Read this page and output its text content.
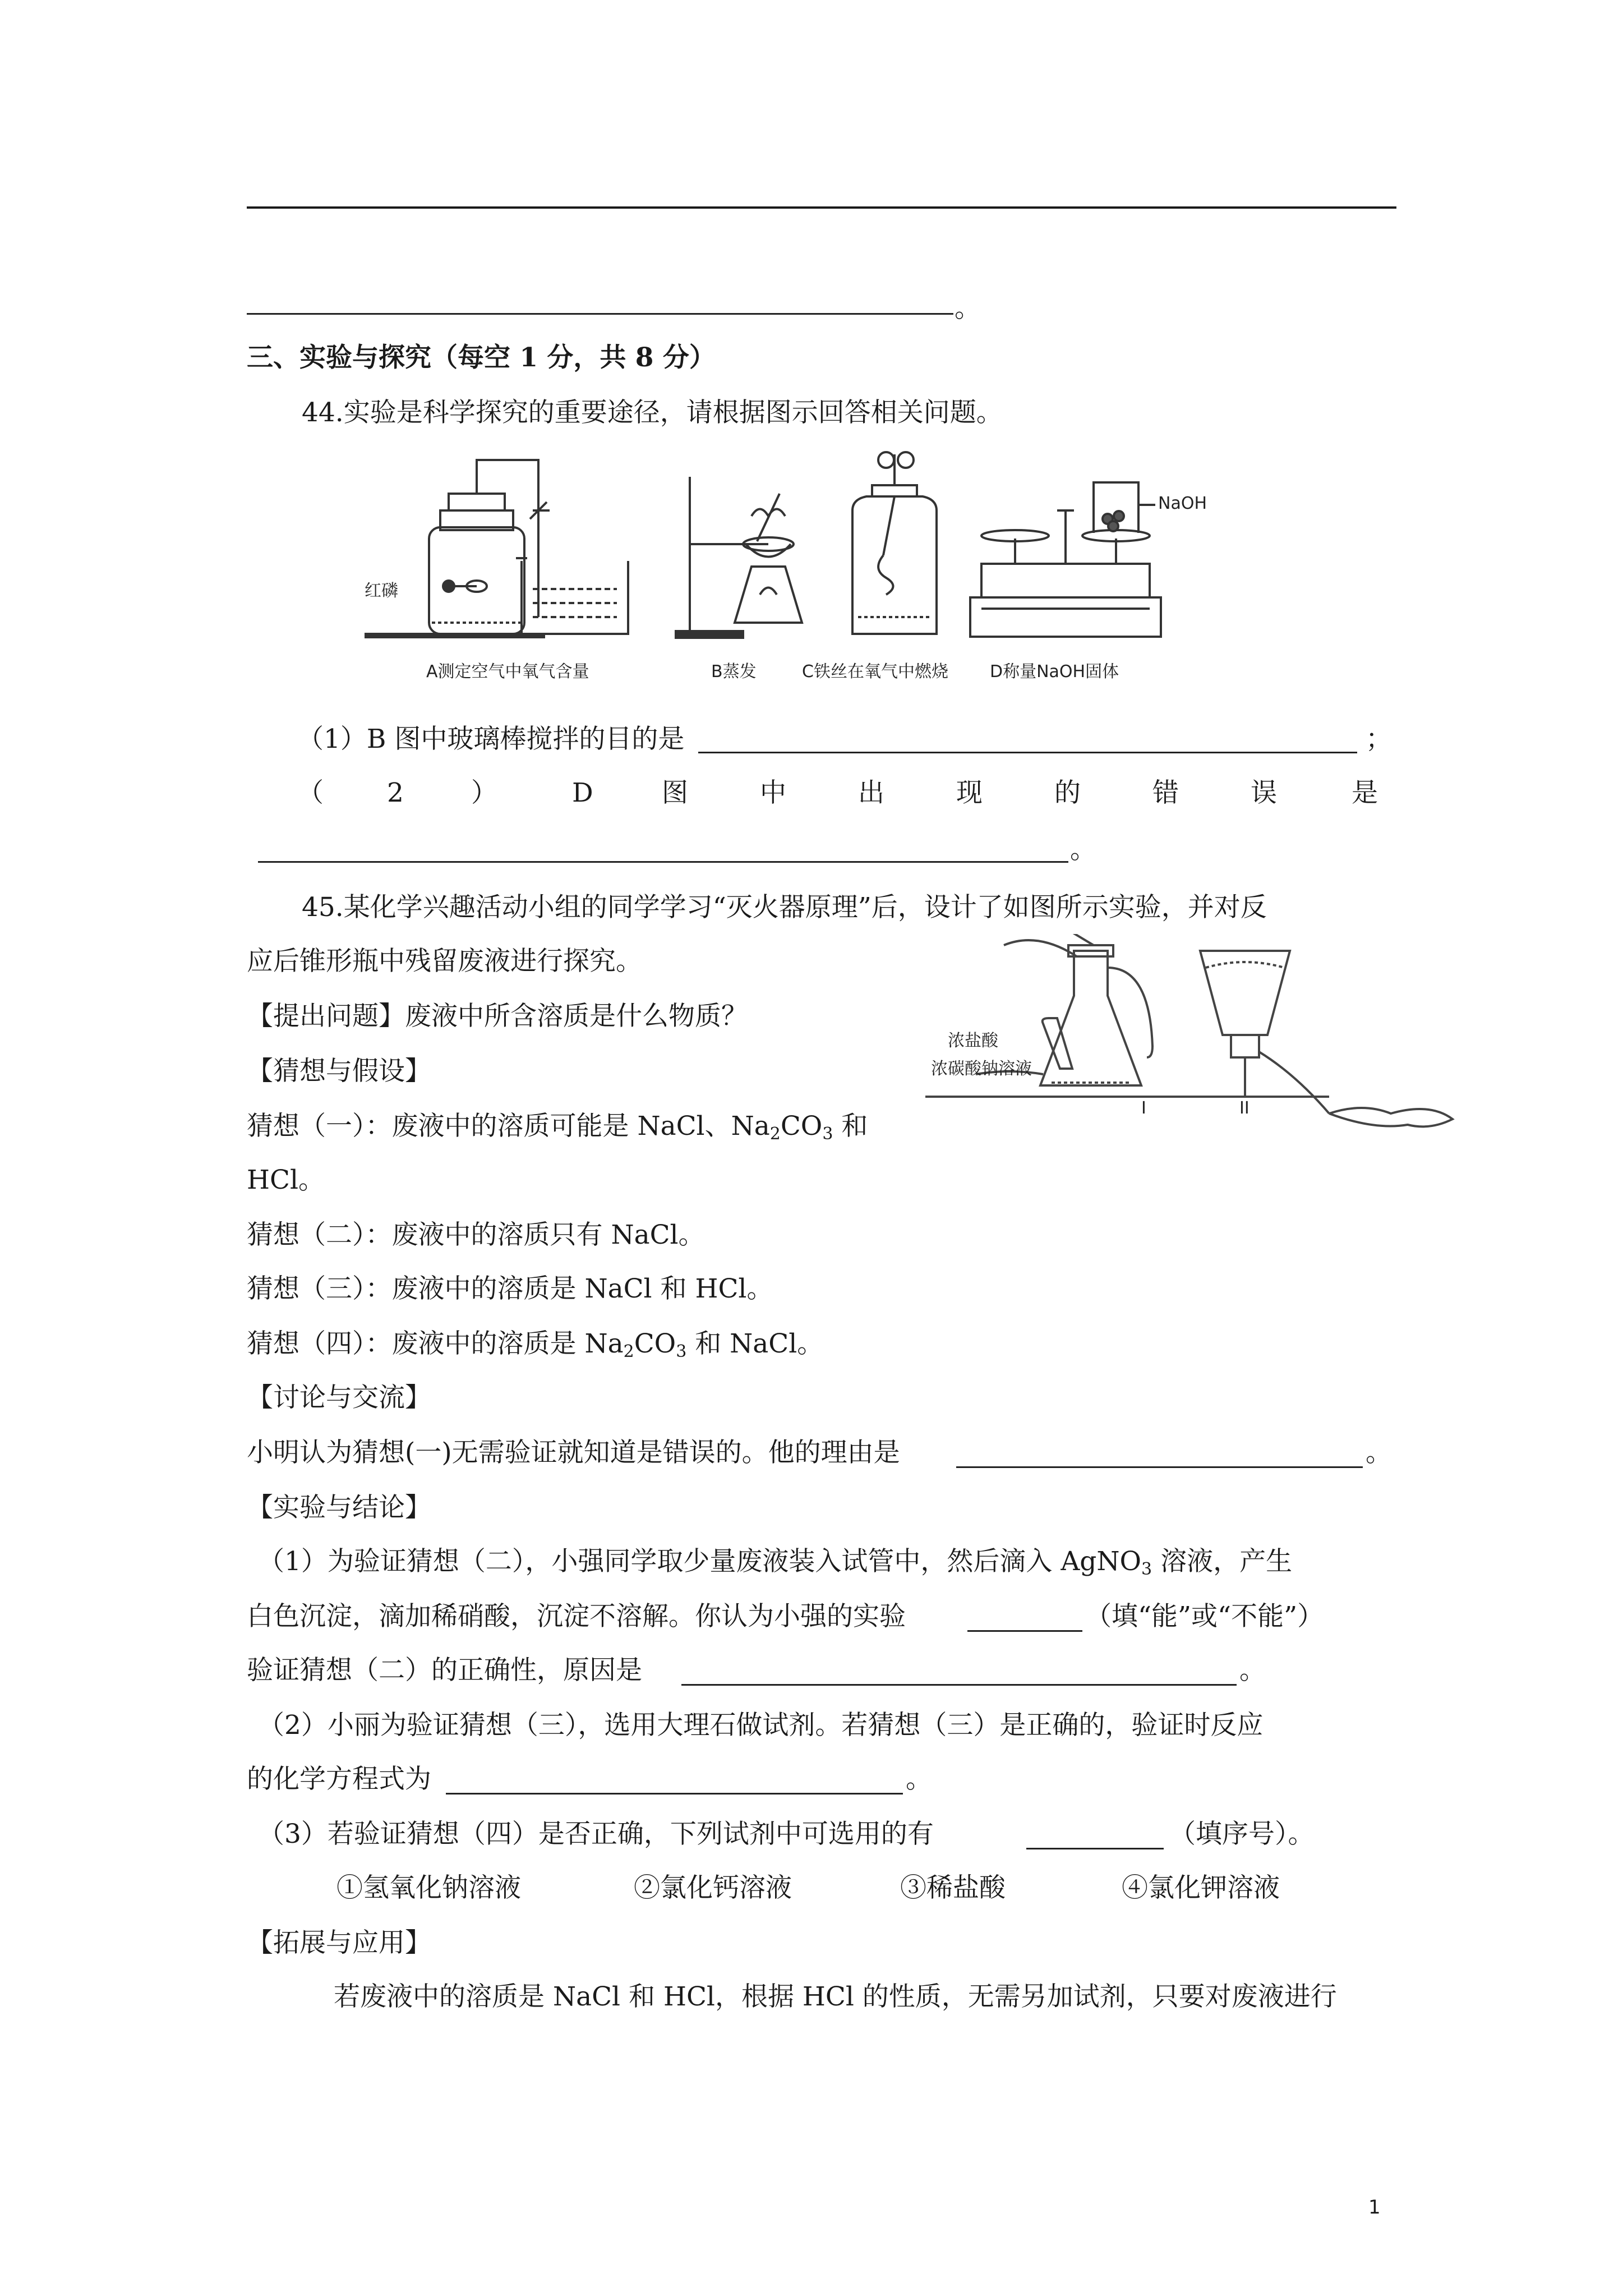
。
三、实验与探究（每空 1 分，共 8 分）
44.实验是科学探究的重要途径，请根据图示回答相关问题。
红磷
NaOH
A测定空气中氧气含量	B蒸发	C铁丝在氧气中燃烧 D称量NaOH固体
（1）B 图中玻璃棒搅拌的目的是	；
（ 2	）	D	图	中	出	现	的	错	误	是
。
45.某化学兴趣活动小组的同学学习“灭火器原理”后，设计了如图所示实验，并对反
应后锥形瓶中残留废液进行探究。
浓盐酸
浓碳酸钠溶液
I	II
【提出问题】废液中所含溶质是什么物质？
【猜想与假设】
猜想（一）：废液中的溶质可能是 NaCl、$Na_2CO_3$ 和
HCl。
猜想（二）：废液中的溶质只有 NaCl。
猜想（三）：废液中的溶质是 NaCl 和 HCl。
猜想（四）：废液中的溶质是 $Na_2CO_3$ 和 NaCl。
【讨论与交流】
小明认为猜想(一)无需验证就知道是错误的。他的理由是	。
【实验与结论】
（1）为验证猜想（二），小强同学取少量废液装入试管中，然后滴入 AgNO$_3$ 溶液，产生
白色沉淀，滴加稀硝酸，沉淀不溶解。你认为小强的实验	（填“能”或“不能”）
验证猜想（二）的正确性，原因是	。
（2）小丽为验证猜想（三），选用大理石做试剂。若猜想（三）是正确的，验证时反应
的化学方程式为	。
（3）若验证猜想（四）是否正确，下列试剂中可选用的有	（填序号）。
①氢氧化钠溶液	②氯化钙溶液	③稀盐酸	④氯化钾溶液
【拓展与应用】
若废液中的溶质是 NaCl 和 HCl，根据 HCl 的性质，无需另加试剂，只要对废液进行
1
